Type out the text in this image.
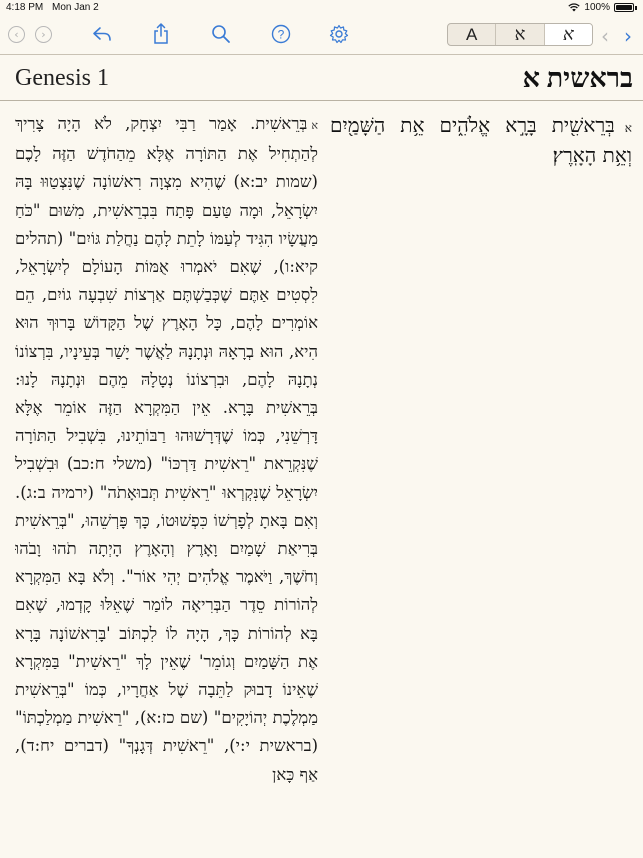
4:18 PM Mon Jan 2	100%
‹	›	?	A	א	א ‹ ›
Genesis 1	בראשית א
אבְּרֵאשִׁ֖ית בָּרָ֣א אֱלֹהִ֑ים אֵ֥ת הַשָּׁמַ֖יִם וְאֵ֥ת הָאָֽרֶץ׃
אבְּרֵאשִׁית. אָמַר רַבִּי יִצְחָק, לֹא הָיָה צָרִיךְ לְהַתְחִיל אֶת הַתּוֹרָה אֶלָּא מֵהַחֹדֶשׁ הַזֶּה לָכֶם (שמות יב:א) שֶׁהִיא מִצְוָה רִאשׁוֹנָה שֶׁנִּצְטַוּוּ בָּהּ יִשְׂרָאֵל, וּמָה טַּעַם פָּתַח בִּבְרֵאשִׁית, מִשּׁוּם "כֹּחַ מַעֲשָׂיו הִגִּיד לְעַמּוֹ לָתֵת לָהֶם נַחֲלַת גּוֹיִם" (תהלים קיא:ו), שֶׁאִם יֹאמְרוּ אֻמּוֹת הָעוֹלָם לְיִשְׂרָאֵל, לִסְטִים אַתֶּם שֶׁכְּבַשְׁתֶּם אַרְצוֹת שִׁבְעָה גוֹיִם, הֵם אוֹמְרִים לָהֶם, כָּל הָאָרֶץ שֶׁל הַקָּדוֹשׁ בָּרוּךְ הוּא הִיא, הוּא בְרָאָהּ וּנְתָנָהּ לַאֲשֶׁר יָשַׁר בְּעֵינָיו, בִּרְצוֹנוֹ נְתָנָהּ לָהֶם, וּבִרְצוֹנוֹ נְטָלָהּ מֵהֶם וּנְתָנָהּ לָנוּ: בְּרֵאשִׁית בָּרָא. אֵין הַמִּקְרָא הַזֶּה אוֹמֵר אֶלָּא דָּרְשֵׁנִי, כְּמוֹ שֶׁדְּרָשׁוּהוּ רַבּוֹתֵינוּ, בִּשְׁבִיל הַתּוֹרָה שֶׁנִּקְרֵאת "רֵאשִׁית דַּרְכּוֹ" (משלי ח:כב) וּבִשְׁבִיל יִשְׂרָאֵל שֶׁנִּקְרְאוּ "רֵאשִׁית תְּבוּאָתֹה" (ירמיה ב:ג). וְאִם בָּאתָ לְפָרְשׁוֹ כִּפְשׁוּטוֹ, כָּךְ פָּרְשֵׁהוּ, "בְּרֵאשִׁית בְּרִיאַת שָׁמַיִם וָאָרֶץ וְהָאָרֶץ הָיְתָה תֹהוּ וָבֹהוּ וְחֹשֶׁךְ, וַיֹּאמֶר אֱלֹהִים יְהִי אוֹר". וְלֹא בָּא הַמִּקְרָא לְהוֹרוֹת סֵדֶר הַבְּרִיאָה לוֹמַר שֶׁאֵלּוּ קָדְמוּ, שֶׁאִם בָּא לְהוֹרוֹת כָּךְ, הָיָה לוֹ לִכְתּוֹב 'בָּרִאשׁוֹנָה בָּרָא אֶת הַשָּׁמַיִם וְגוֹמֵר' שֶׁאֵין לָךְ "רֵאשִׁית" בַּמִּקְרָא שֶׁאֵינוֹ דָבוּק לַתֵּבָה שֶׁל אַחֲרָיו, כְּמוֹ "בְּרֵאשִׁית מַמְלֶכֶת יְהוֹיָקִים" (שם כז:א), "רֵאשִׁית מַמְלַכְתּוֹ" (בראשית י:י), "רֵאשִׁית דְּגָנְךָ" (דברים יח:ד), אַף כָּאן
